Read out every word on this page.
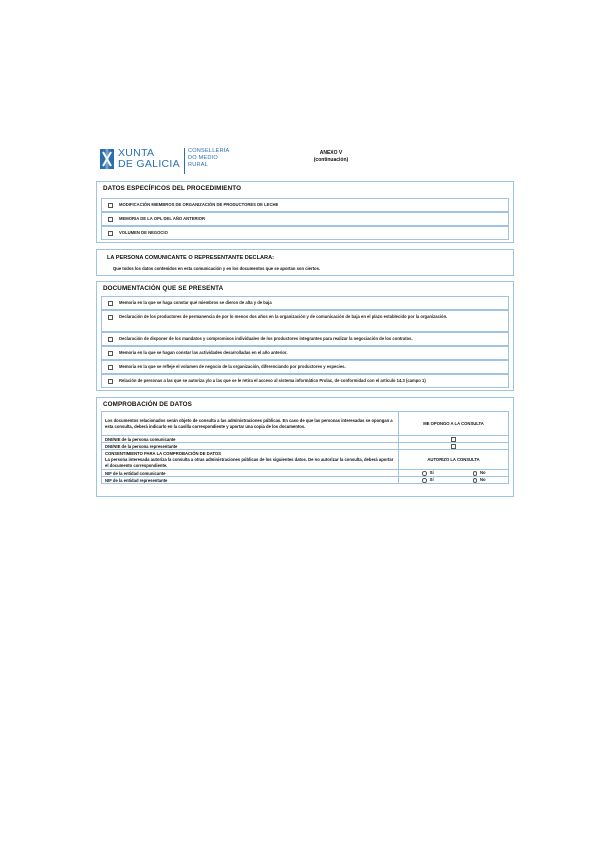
XUNTA
DE GALICIA
CONSELLERÍA
DO MEDIO
RURAL
ANEXO V
(continuación)
DATOS ESPECÍFICOS DEL PROCEDIMIENTO
MODIFICACIÓN MIEMBROS DE ORGANIZACIÓN DE PRODUCTORES DE LECHE
MEMORIA DE LA OPL DEL AÑO ANTERIOR
VOLUMEN DE NEGOCIO
LA PERSONA COMUNICANTE O REPRESENTANTE DECLARA:
Que todos los datos contenidos en esta comunicación y en los documentos que se aportan son ciertos.
DOCUMENTACIÓN QUE SE PRESENTA
Memoria en la que se haga constar qué miembros se dieron de alta y de baja
Declaración de los productores de permanencia de por lo menos dos años en la organización y de comunicación de baja en el plazo establecido por la organización.
Declaración de disponer de los mandatos y compromisos individuales de los productores integrantes para realizar la negociación de los contratos.
Memoria en la que se hagan constar las actividades desarrolladas en el año anterior.
Memoria en la que se refleje el volumen de negocio de la organización, diferenciando por productores y especies.
Relación de personas a las que se autoriza y/o a las que se le retira el acceso al sistema informático Prolac, de conformidad con el artículo 14.3 (campo 1)
COMPROBACIÓN DE DATOS
Los documentos relacionados serán objeto de consulta a las administraciones públicas. En caso de que las personas interesadas se opongan a esta consulta, deberá indicarlo en la casilla correspondiente y aportar una copia de los documentos.	ME OPONGO A LA CONSULTA
DNI/NIE de la persona comunicante	
DNI/NIE de la persona representante	

CONSENTIMIENTO PARA LA COMPROBACIÓN DE DATOS
La persona interesada autoriza la consulta a otras administraciones públicas de los siguientes datos. De no autorizar la consulta, deberá aportar el documento correspondiente.	AUTORIZO LA CONSULTA
NIF de la entidad comunicante	Sí No
NIF de la entidad representante	Sí No
